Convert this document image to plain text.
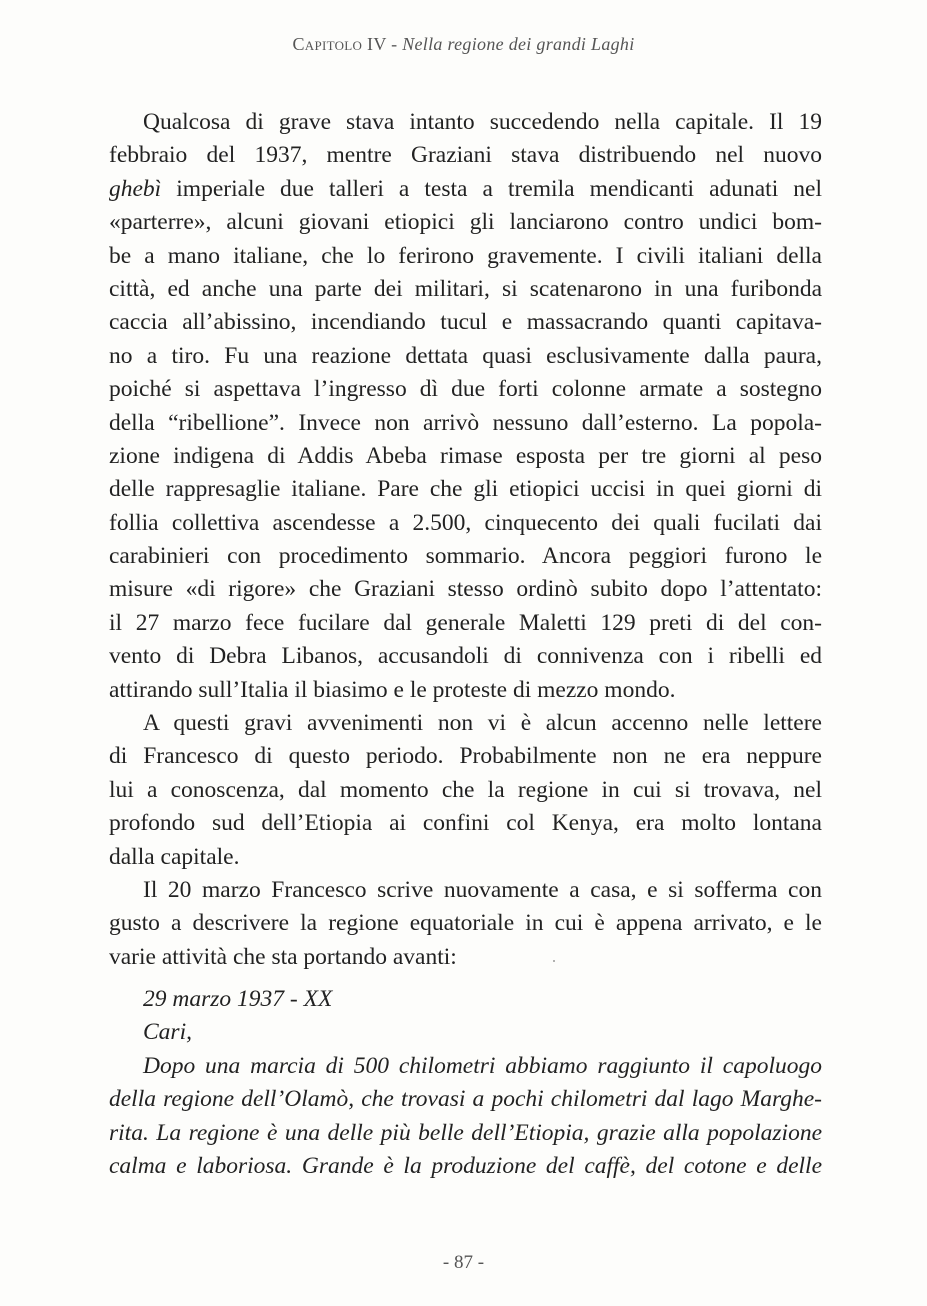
Capitolo IV - Nella regione dei grandi Laghi
Qualcosa di grave stava intanto succedendo nella capitale. Il 19
febbraio del 1937, mentre Graziani stava distribuendo nel nuovo
ghebì imperiale due talleri a testa a tremila mendicanti adunati nel
«parterre», alcuni giovani etiopici gli lanciarono contro undici bom-
be a mano italiane, che lo ferirono gravemente. I civili italiani della
città, ed anche una parte dei militari, si scatenarono in una furibonda
caccia all’abissino, incendiando tucul e massacrando quanti capitava-
no a tiro. Fu una reazione dettata quasi esclusivamente dalla paura,
poiché si aspettava l’ingresso dì due forti colonne armate a sostegno
della “ribellione”. Invece non arrivò nessuno dall’esterno. La popola-
zione indigena di Addis Abeba rimase esposta per tre giorni al peso
delle rappresaglie italiane. Pare che gli etiopici uccisi in quei giorni di
follia collettiva ascendesse a 2.500, cinquecento dei quali fucilati dai
carabinieri con procedimento sommario. Ancora peggiori furono le
misure «di rigore» che Graziani stesso ordinò subito dopo l’attentato:
il 27 marzo fece fucilare dal generale Maletti 129 preti di del con-
vento di Debra Libanos, accusandoli di connivenza con i ribelli ed
attirando sull’Italia il biasimo e le proteste di mezzo mondo.
A questi gravi avvenimenti non vi è alcun accenno nelle lettere
di Francesco di questo periodo. Probabilmente non ne era neppure
lui a conoscenza, dal momento che la regione in cui si trovava, nel
profondo sud dell’Etiopia ai confini col Kenya, era molto lontana
dalla capitale.
Il 20 marzo Francesco scrive nuovamente a casa, e si sofferma con
gusto a descrivere la regione equatoriale in cui è appena arrivato, e le
varie attività che sta portando avanti:
29 marzo 1937 - XX
Cari,
Dopo una marcia di 500 chilometri abbiamo raggiunto il capoluogo
della regione dell’Olamò, che trovasi a pochi chilometri dal lago Marghe-
rita. La regione è una delle più belle dell’Etiopia, grazie alla popolazione
calma e laboriosa. Grande è la produzione del caffè, del cotone e delle
- 87 -
